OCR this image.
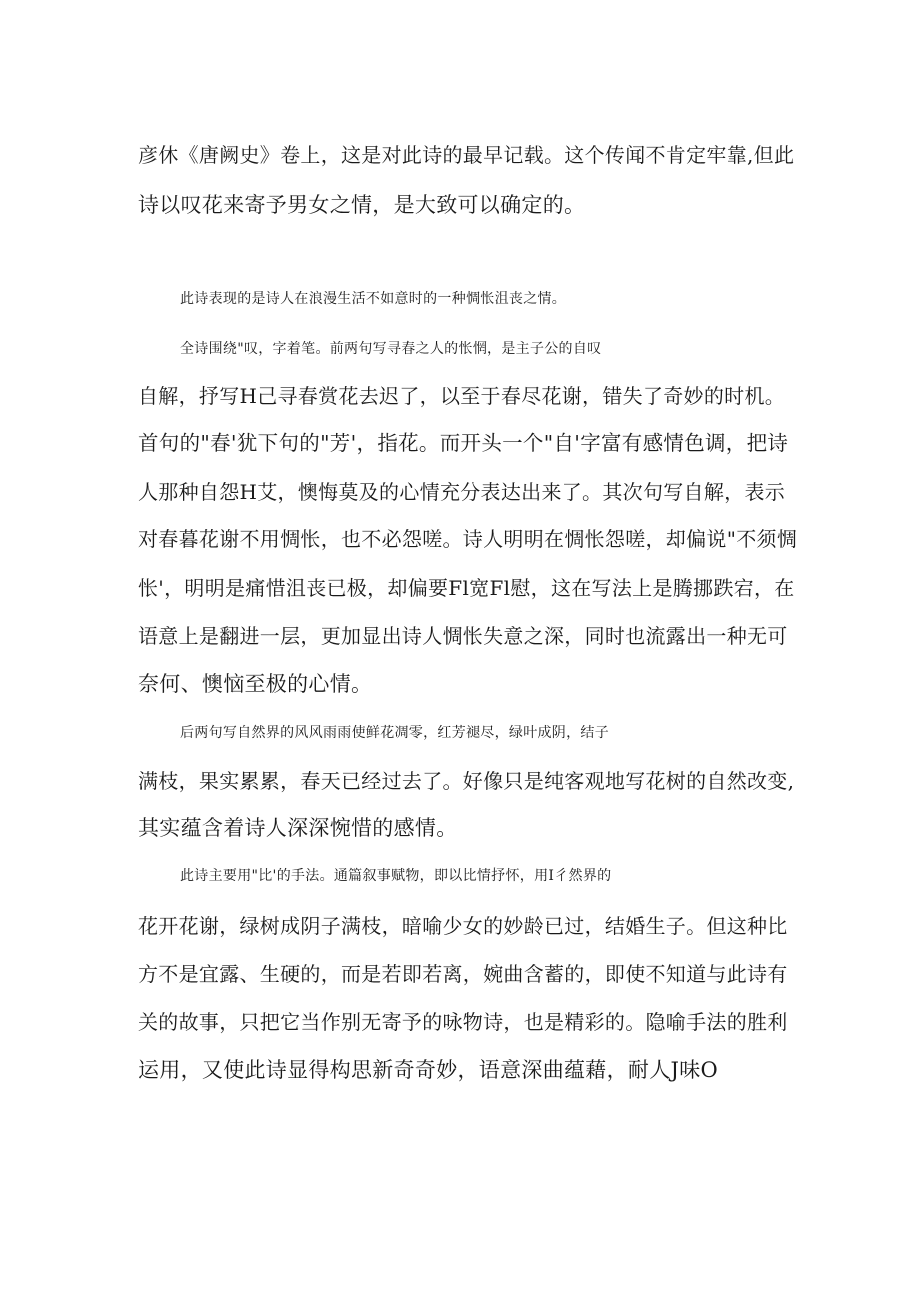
彦休《唐阙史》卷上，这是对此诗的最早记载。这个传闻不肯定牢靠,但此
诗以叹花来寄予男女之情，是大致可以确定的。
此诗表现的是诗人在浪漫生活不如意时的一种惆怅沮丧之情。
全诗围绕"叹，字着笔。前两句写寻春之人的怅惘，是主子公的自叹
自解，抒写H己寻春赏花去迟了，以至于春尽花谢，错失了奇妙的时机。
首句的"春'犹下句的"芳'，指花。而开头一个"自'字富有感情色调，把诗
人那种自怨H艾，懊悔莫及的心情充分表达出来了。其次句写自解，表示
对春暮花谢不用惆怅，也不必怨嗟。诗人明明在惆怅怨嗟，却偏说"不须惆
怅'，明明是痛惜沮丧已极，却偏要Fl宽Fl慰，这在写法上是腾挪跌宕，在
语意上是翻进一层，更加显出诗人惆怅失意之深，同时也流露出一种无可
奈何、懊恼至极的心情。
后两句写自然界的风风雨雨使鲜花凋零，红芳褪尽，绿叶成阴，结子
满枝，果实累累，春天已经过去了。好像只是纯客观地写花树的自然改变,
其实蕴含着诗人深深惋惜的感情。
此诗主要用"比'的手法。通篇叙事赋物，即以比情抒怀，用I彳然界的
花开花谢，绿树成阴子满枝，暗喻少女的妙龄已过，结婚生子。但这种比
方不是宜露、生硬的，而是若即若离，婉曲含蓄的，即使不知道与此诗有
关的故事，只把它当作别无寄予的咏物诗，也是精彩的。隐喻手法的胜利
运用，又使此诗显得构思新奇奇妙，语意深曲蕴藉，耐人J味O
